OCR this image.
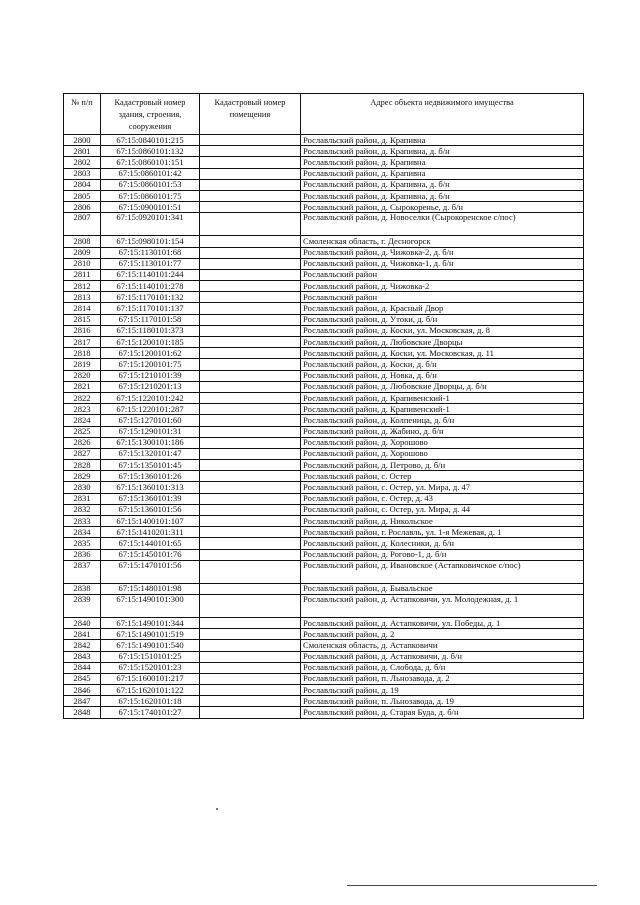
№ п/п	Кадастровый номер здания, строения, сооружения	Кадастровый номер помещения	Адрес объекта недвижимого имущества
2800	67:15:0840101:215		Рославльский район, д. Крапивна
2801	67:15:0860101:132		Рославльский район, д. Крапивна, д. б/н
2802	67:15:0860101:151		Рославльский район, д. Крапивна
2803	67:15:0860101:42		Рославльский район, д. Крапивна
2804	67:15:0860101:53		Рославльский район, д. Крапивна, д. б/н
2805	67:15:0860101:75		Рославльский район, д. Крапивна, д. б/н
2806	67:15:0900101:51		Рославльский район, д. Сырокоренье, д. б/н
2807	67:15:0920101:341		Рославльский район, д. Новоселки (Сырокоренское с/пос)
2808	67:15:0980101:154		Смоленская область, г. Десногорск
2809	67:15:1130101:68		Рославльский район, д. Чижовка-2, д. б/н
2810	67:15:1130101:77		Рославльский район, д. Чижовка-1, д. б/н
2811	67:15:1140101:244		Рославльский район
2812	67:15:1140101:278		Рославльский район, д. Чижовка-2
2813	67:15:1170101:132		Рославльский район
2814	67:15:1170101:137		Рославльский район, д. Красный Двор
2815	67:15:1170101:58		Рославльский район, д. Утоки, д. б/н
2816	67:15:1180101:373		Рославльский район, д. Коски, ул. Московская, д. 8
2817	67:15:1200101:185		Рославльский район, д. Любовские Дворцы
2818	67:15:1200101:62		Рославльский район, д. Коски, ул. Московская, д. 11
2819	67:15:1200101:75		Рославльский район, д. Коски, д. б/н
2820	67:15:1210101:39		Рославльский район, д. Новка, д. б/н
2821	67:15:1210201:13		Рославльский район, д. Любовские Дворцы, д. б/н
2822	67:15:1220101:242		Рославльский район, д. Крапивенский-1
2823	67:15:1220101:287		Рославльский район, д. Крапивенский-1
2824	67:15:1270101:60		Рославльский район, д. Колпеница, д. б/н
2825	67:15:1290101:31		Рославльский район, д. Жабино, д. б/н
2826	67:15:1300101:186		Рославльский район, д. Хорошово
2827	67:15:1320101:47		Рославльский район, д. Хорошово
2828	67:15:1350101:45		Рославльский район, д. Петрово, д. б/н
2829	67:15:1360101:26		Рославльский район, с. Остер
2830	67:15:1360101:313		Рославльский район, с. Остер, ул. Мира, д. 47
2831	67:15:1360101:39		Рославльский район, с. Остер, д. 43
2832	67:15:1360101:56		Рославльский район, с. Остер, ул. Мира, д. 44
2833	67:15:1400101:107		Рославльский район, д. Никольское
2834	67:15:1410201:311		Рославльский район, г. Рославль, ул. 1-я Межевая, д. 1
2835	67:15:1440101:65		Рославльский район, д. Колесники, д. б/н
2836	67:15:1450101:76		Рославльский район, д. Рогово-1, д. б/н
2837	67:15:1470101:56		Рославльский район, д. Ивановское (Астапковичское с/пос)
2838	67:15:1480101:98		Рославльский район, д. Бывальское
2839	67:15:1490101:300		Рославльский район, д. Астапковичи, ул. Молодежная, д. 1
2840	67:15:1490101:344		Рославльский район, д. Астапковичи, ул. Победы, д. 1
2841	67:15:1490101:519		Рославльский район, д. 2
2842	67:15:1490101:540		Смоленская область, д. Астапковичи
2843	67:15:1510101:25		Рославльский район, д. Астапковичи, д. б/н
2844	67:15:1520101:23		Рославльский район, д. Слобода, д. б/н
2845	67:15:1600101:217		Рославльский район, п. Льнозавода, д. 2
2846	67:15:1620101:122		Рославльский район, д. 19
2847	67:15:1620101:18		Рославльский район, п. Льнозавода, д. 19
2848	67:15:1740101:27		Рославльский район, д. Старая Буда, д. б/н
